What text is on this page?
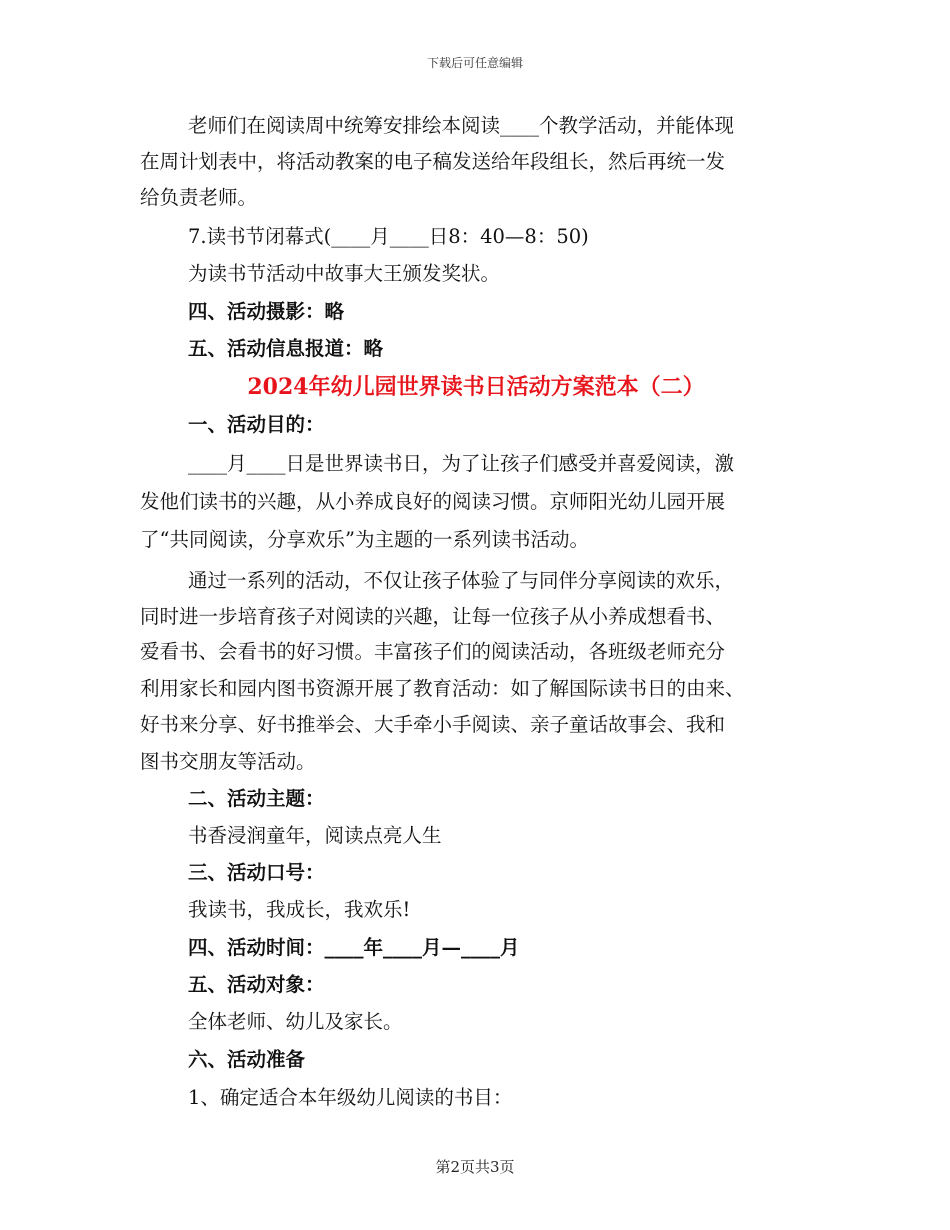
下载后可任意编辑
老师们在阅读周中统筹安排绘本阅读____个教学活动，并能体现
在周计划表中，将活动教案的电子稿发送给年段组长，然后再统一发
给负责老师。
7.读书节闭幕式(____月____日8：40—8：50)
为读书节活动中故事大王颁发奖状。
四、活动摄影：略
五、活动信息报道：略
2024年幼儿园世界读书日活动方案范本（二）
一、活动目的：
____月____日是世界读书日，为了让孩子们感受并喜爱阅读，激
发他们读书的兴趣，从小养成良好的阅读习惯。京师阳光幼儿园开展
了“共同阅读，分享欢乐”为主题的一系列读书活动。
通过一系列的活动，不仅让孩子体验了与同伴分享阅读的欢乐，
同时进一步培育孩子对阅读的兴趣，让每一位孩子从小养成想看书、
爱看书、会看书的好习惯。丰富孩子们的阅读活动，各班级老师充分
利用家长和园内图书资源开展了教育活动：如了解国际读书日的由来、
好书来分享、好书推举会、大手牵小手阅读、亲子童话故事会、我和
图书交朋友等活动。
二、活动主题：
书香浸润童年，阅读点亮人生
三、活动口号：
我读书，我成长，我欢乐!
四、活动时间：____年____月—____月
五、活动对象：
全体老师、幼儿及家长。
六、活动准备
1、确定适合本年级幼儿阅读的书目：
第2页共3页
